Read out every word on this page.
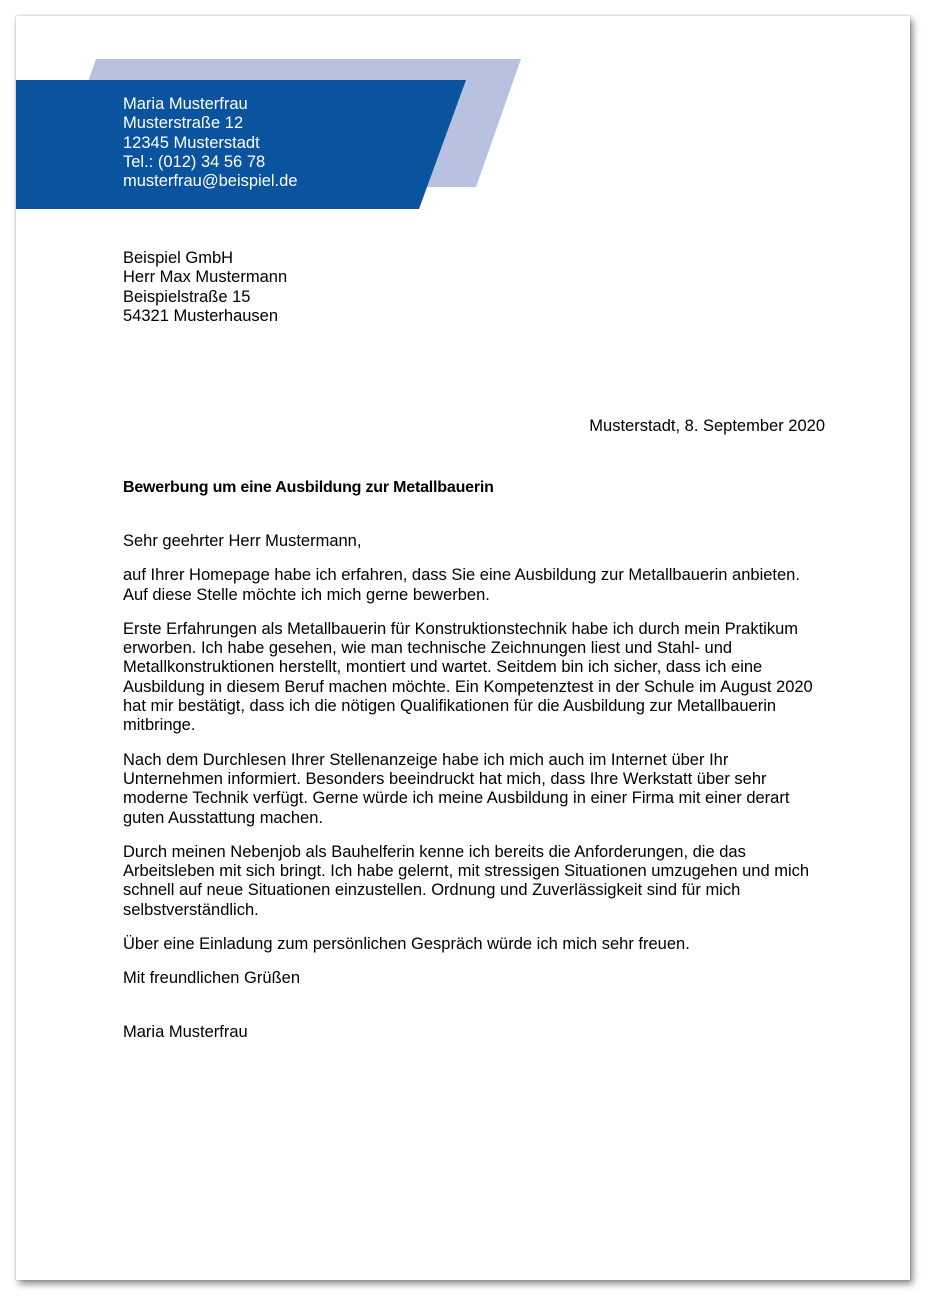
Maria Musterfrau
Musterstraße 12
12345 Musterstadt
Tel.: (012) 34 56 78
musterfrau@beispiel.de
Beispiel GmbH
Herr Max Mustermann
Beispielstraße 15
54321 Musterhausen
Musterstadt, 8. September 2020
Bewerbung um eine Ausbildung zur Metallbauerin

Sehr geehrter Herr Mustermann,

auf Ihrer Homepage habe ich erfahren, dass Sie eine Ausbildung zur Metallbauerin anbieten. Auf diese Stelle möchte ich mich gerne bewerben.

Erste Erfahrungen als Metallbauerin für Konstruktionstechnik habe ich durch mein Praktikum erworben. Ich habe gesehen, wie man technische Zeichnungen liest und Stahl- und Metallkonstruktionen herstellt, montiert und wartet. Seitdem bin ich sicher, dass ich eine Ausbildung in diesem Beruf machen möchte. Ein Kompetenztest in der Schule im August 2020 hat mir bestätigt, dass ich die nötigen Qualifikationen für die Ausbildung zur Metallbauerin mitbringe.

Nach dem Durchlesen Ihrer Stellenanzeige habe ich mich auch im Internet über Ihr Unternehmen informiert. Besonders beeindruckt hat mich, dass Ihre Werkstatt über sehr moderne Technik verfügt. Gerne würde ich meine Ausbildung in einer Firma mit einer derart guten Ausstattung machen.

Durch meinen Nebenjob als Bauhelferin kenne ich bereits die Anforderungen, die das Arbeitsleben mit sich bringt. Ich habe gelernt, mit stressigen Situationen umzugehen und mich schnell auf neue Situationen einzustellen. Ordnung und Zuverlässigkeit sind für mich selbstverständlich.

Über eine Einladung zum persönlichen Gespräch würde ich mich sehr freuen.

Mit freundlichen Grüßen

Maria Musterfrau
